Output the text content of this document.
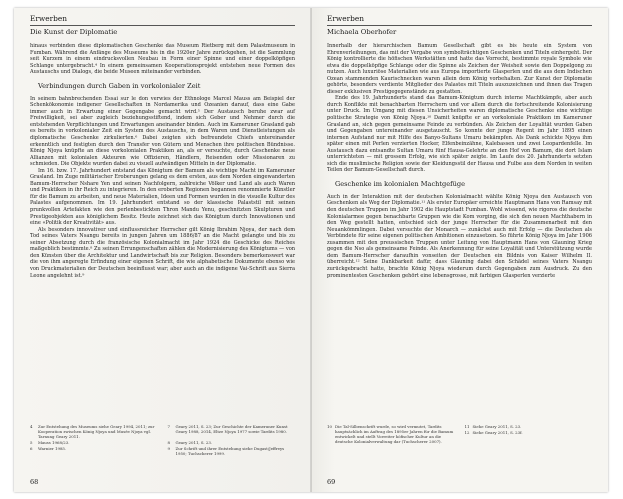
Erwerben
Die Kunst der Diplomatie

hinaus verbinden diese diplomatischen Geschenke das Museum Rietberg mit dem Palastmuseum in Fumban. Während die Anfänge des Museums bis in die 1920er Jahre zurückgehen, ist die Sammlung seit Kurzem in einem eindrucksvollen Neubau in Form einer Spinne und einer doppelköpfigen Schlange untergebracht.⁴ In einem gemeinsamen Kooperationsprojekt entstehen neue Formen des Austauschs und Dialogs, die beide Museen miteinander verbinden.

Verbindungen durch Gaben in vorkolonialer Zeit

In seinem bahnbrechenden Essai sur le don verwies der Ethnologe Marcel Mauss am Beispiel der Schenkökonomie indigener Gesellschaften in Nordamerika und Ozeanien darauf, dass eine Gabe immer auch in Erwartung einer Gegengabe gemacht wird.⁵ Der Austausch beruhe zwar auf Freiwilligkeit, sei aber zugleich beziehungsstiftend, indem sich Geber und Nehmer durch die entstehenden Verpflichtungen und Erwartungen aneinander binden. Auch im Kameruner Grasland gab es bereits in vorkolonialer Zeit ein System des Austauschs, in dem Waren und Dienstleistungen als diplomatische Geschenke zirkulierten.⁶ Dabei zeigten sich befreundete Chiefs untereinander erkenntlich und festigten durch den Transfer von Gütern und Menschen ihre politischen Bündnisse. König Njoya knüpfte an diese vorkolonialen Praktiken an, als er versuchte, durch Geschenke neue Allianzen mit kolonialen Akteuren wie Offizieren, Händlern, Reisenden oder Missionaren zu schmieden. Die Objekte wurden dabei zu visuell aufwändigen Mitteln in der Diplomatie.

Im 16. bzw. 17. Jahrhundert entstand das Königtum der Bamum als wichtige Macht im Kameruner Grasland. Im Zuge militärischer Eroberungen gelang es dem ersten, aus dem Norden eingewanderten Bamum-Herrscher Nshare Yen und seinen Nachfolgern, zahlreiche Völker und Land als auch Waren und Praktiken in ihr Reich zu integrieren. In den eroberten Regionen begannen renommierte Künstler für die Bamum zu arbeiten, und neue Materialien, Ideen und Formen wurden in die visuelle Kultur des Palastes aufgenommen. Im 19. Jahrhundert entstand so der klassische Palaststil mit seinen prunkvollen Artefakten wie den perlenbestickten Thron Mandu Yenu, geschnitzten Skulpturen und Prestigeobjekten aus königlichem Besitz. Heute zeichnet sich das Königtum durch Innovationen und eine «Politik der Kreativität» aus.

Als besonders innovativer und einflussreicher Herrscher gilt König Ibrahim Njoya, der nach dem Tod seines Vaters Nsangu bereits in jungen Jahren um 1886/87 an die Macht gelangte und bis zu seiner Absetzung durch die französische Kolonialmacht im Jahr 1924 die Geschicke des Reiches maßgeblich bestimmte.⁸ Zu seinen Errungenschaften zählen die Modernisierung des Königtums — von den Künsten über die Architektur und Landwirtschaft bis zur Religion. Besonders bemerkenswert war die von ihm angeregte Erfindung einer eigenen Schrift, die wie alphabetische Dokumente ebenso wie von Druckmaterialien der Deutschen beeinflusst war; aber auch an die indigene Vai-Schrift aus Sierra Leone angelehnt ist.⁹

4	Zur Entstehung des Museums siehe Geary 1994, 2011; zur Kooperation zwischen König Njoya und Musée Njoya vgl. Tarnung Geary 2011.
7	Geary 2011, S. 23; Zur Geschichte der Kameruner Kunst Geary 1988, 2014, Eltze Njoya 1977 sowie Tardits 1980.
5	Mauss 1968/23.	8	Geary 2011, S. 23.
6	Warnier 1985.	9	Zur Schrift und ihrer Entstehung siehe Dugast/Jeffreys 1950; Tuchscherer 1999.
68
Erwerben
Michaela Oberhofer

Innerhalb der hierarchischen Bamum Gesellschaft gibt es bis heute ein System von Ehrenverleihungen, das mit der Vergabe von symbolträchtigen Geschenken und Titeln einhergeht. Der König kontrollierte die höfischen Werkstätten und hatte das Vorrecht, bestimmte royale Symbole wie etwa die doppelköpfige Schlange oder die Spinne als Zeichen der Weisheit sowie den Doppelgong zu nutzen. Auch luxuriöse Materialien wie aus Europa importierte Glasperlen und die aus dem Indischen Ozean stammenden Kaurischnecken waren allein dem König vorbehalten. Zur Kunst der Diplomatie gehörte, besonders verdiente Mitglieder des Palastes mit Titeln auszuzeichnen und ihnen das Tragen dieser exklusiven Prestigegegenstände zu gestatten.

Ende des 19. Jahrhunderts stand das Bamum-Königtum durch interne Machtkämpfe, aber auch durch Konflikte mit benachbarten Herrschern und vor allem durch die fortschreitende Kolonisierung unter Druck. Im Umgang mit diesen Unsicherheiten waren diplomatische Geschenke eine wichtige politische Strategie von König Njoya.¹⁰ Damit knüpfte er an vorkoloniale Praktiken im Kameruner Grasland an, sich gegen gemeinsame Feinde zu verbünden. Als Zeichen der Loyalität wurden Gaben und Gegengaben untereinander ausgetauscht. So konnte der junge Regent im Jahr 1895 einen internen Aufstand nur mit Hilfe des Banyo-Sultans Umaru bekämpfen. Als Dank schickte Njoya ihm später einen mit Perlen verzierten Hocker, Elfenbeinzähne, Kalebassen und zwei Leopardenfelle. Im Austausch dazu entsandte Sultan Umaru fünf Hausa-Gelehrte an den Hof von Bamum, die dort Islam unterrichteten — mit grossem Erfolg, wie sich später zeigte. Im Laufe des 20. Jahrhunderts setzten sich die muslimische Religion sowie der Kleidungsstil der Hausa und Fulbe aus dem Norden in weiten Teilen der Bamum-Gesellschaft durch.

Geschenke im kolonialen Machtgefüge

Auch in der Interaktion mit der deutschen Kolonialmacht wählte König Njoya den Austausch von Geschenken als Weg der Diplomatie.¹¹ Als erster Europäer erreichte Hauptmann Hans von Ramsay mit den deutschen Truppen im Jahr 1902 die Hauptstadt Fumban. Wohl wissend, wie rigoros die deutsche Kolonialarmee gegen benachbarte Gruppen wie die Kom vorging, die sich den neuen Machthabern in den Weg gestellt hatten, entschied sich der junge Herrscher für die Zusammenarbeit mit den Neuankömmlingen. Dabei versuchte der Monarch — zunächst auch mit Erfolg — die Deutschen als Verbündete für seine eigenen politischen Ambitionen einzusetzen. So führte König Njoya im Jahr 1906 zusammen mit den preussischen Truppen unter Leitung von Hauptmann Hans von Glauning Krieg gegen die Nso als gemeinsame Feinde. Als Anerkennung für seine Loyalität und Unterstützung wurde dem Bamum-Herrscher daraufhin vonseiten der Deutschen ein Bildnis von Kaiser Wilhelm II. überreicht.¹² Seine Dankbarkeit dafür, dass Glauning dabei den Schädel seines Vaters Nsangu zurückgebracht hatte, brachte König Njoya wiederum durch Gegengaben zum Ausdruck. Zu den prominentesten Geschenken gehört eine lebensgrosse, mit farbigen Glasperlen verzierte

10 Die Tal-Silbenschrift wurde, so wird vermutet, Tardits hauptsächlich im Auftrag des 1895er Jahren für die Bamum entwickelt und stellt Vorreiter höfischer Kultur an die deutsche Kolonialverwaltung dar (Tuchscherer 2007).
11 Siehe Geary 2011, S. 23.
12 Siehe Geary 2011, S. 23f.
69
